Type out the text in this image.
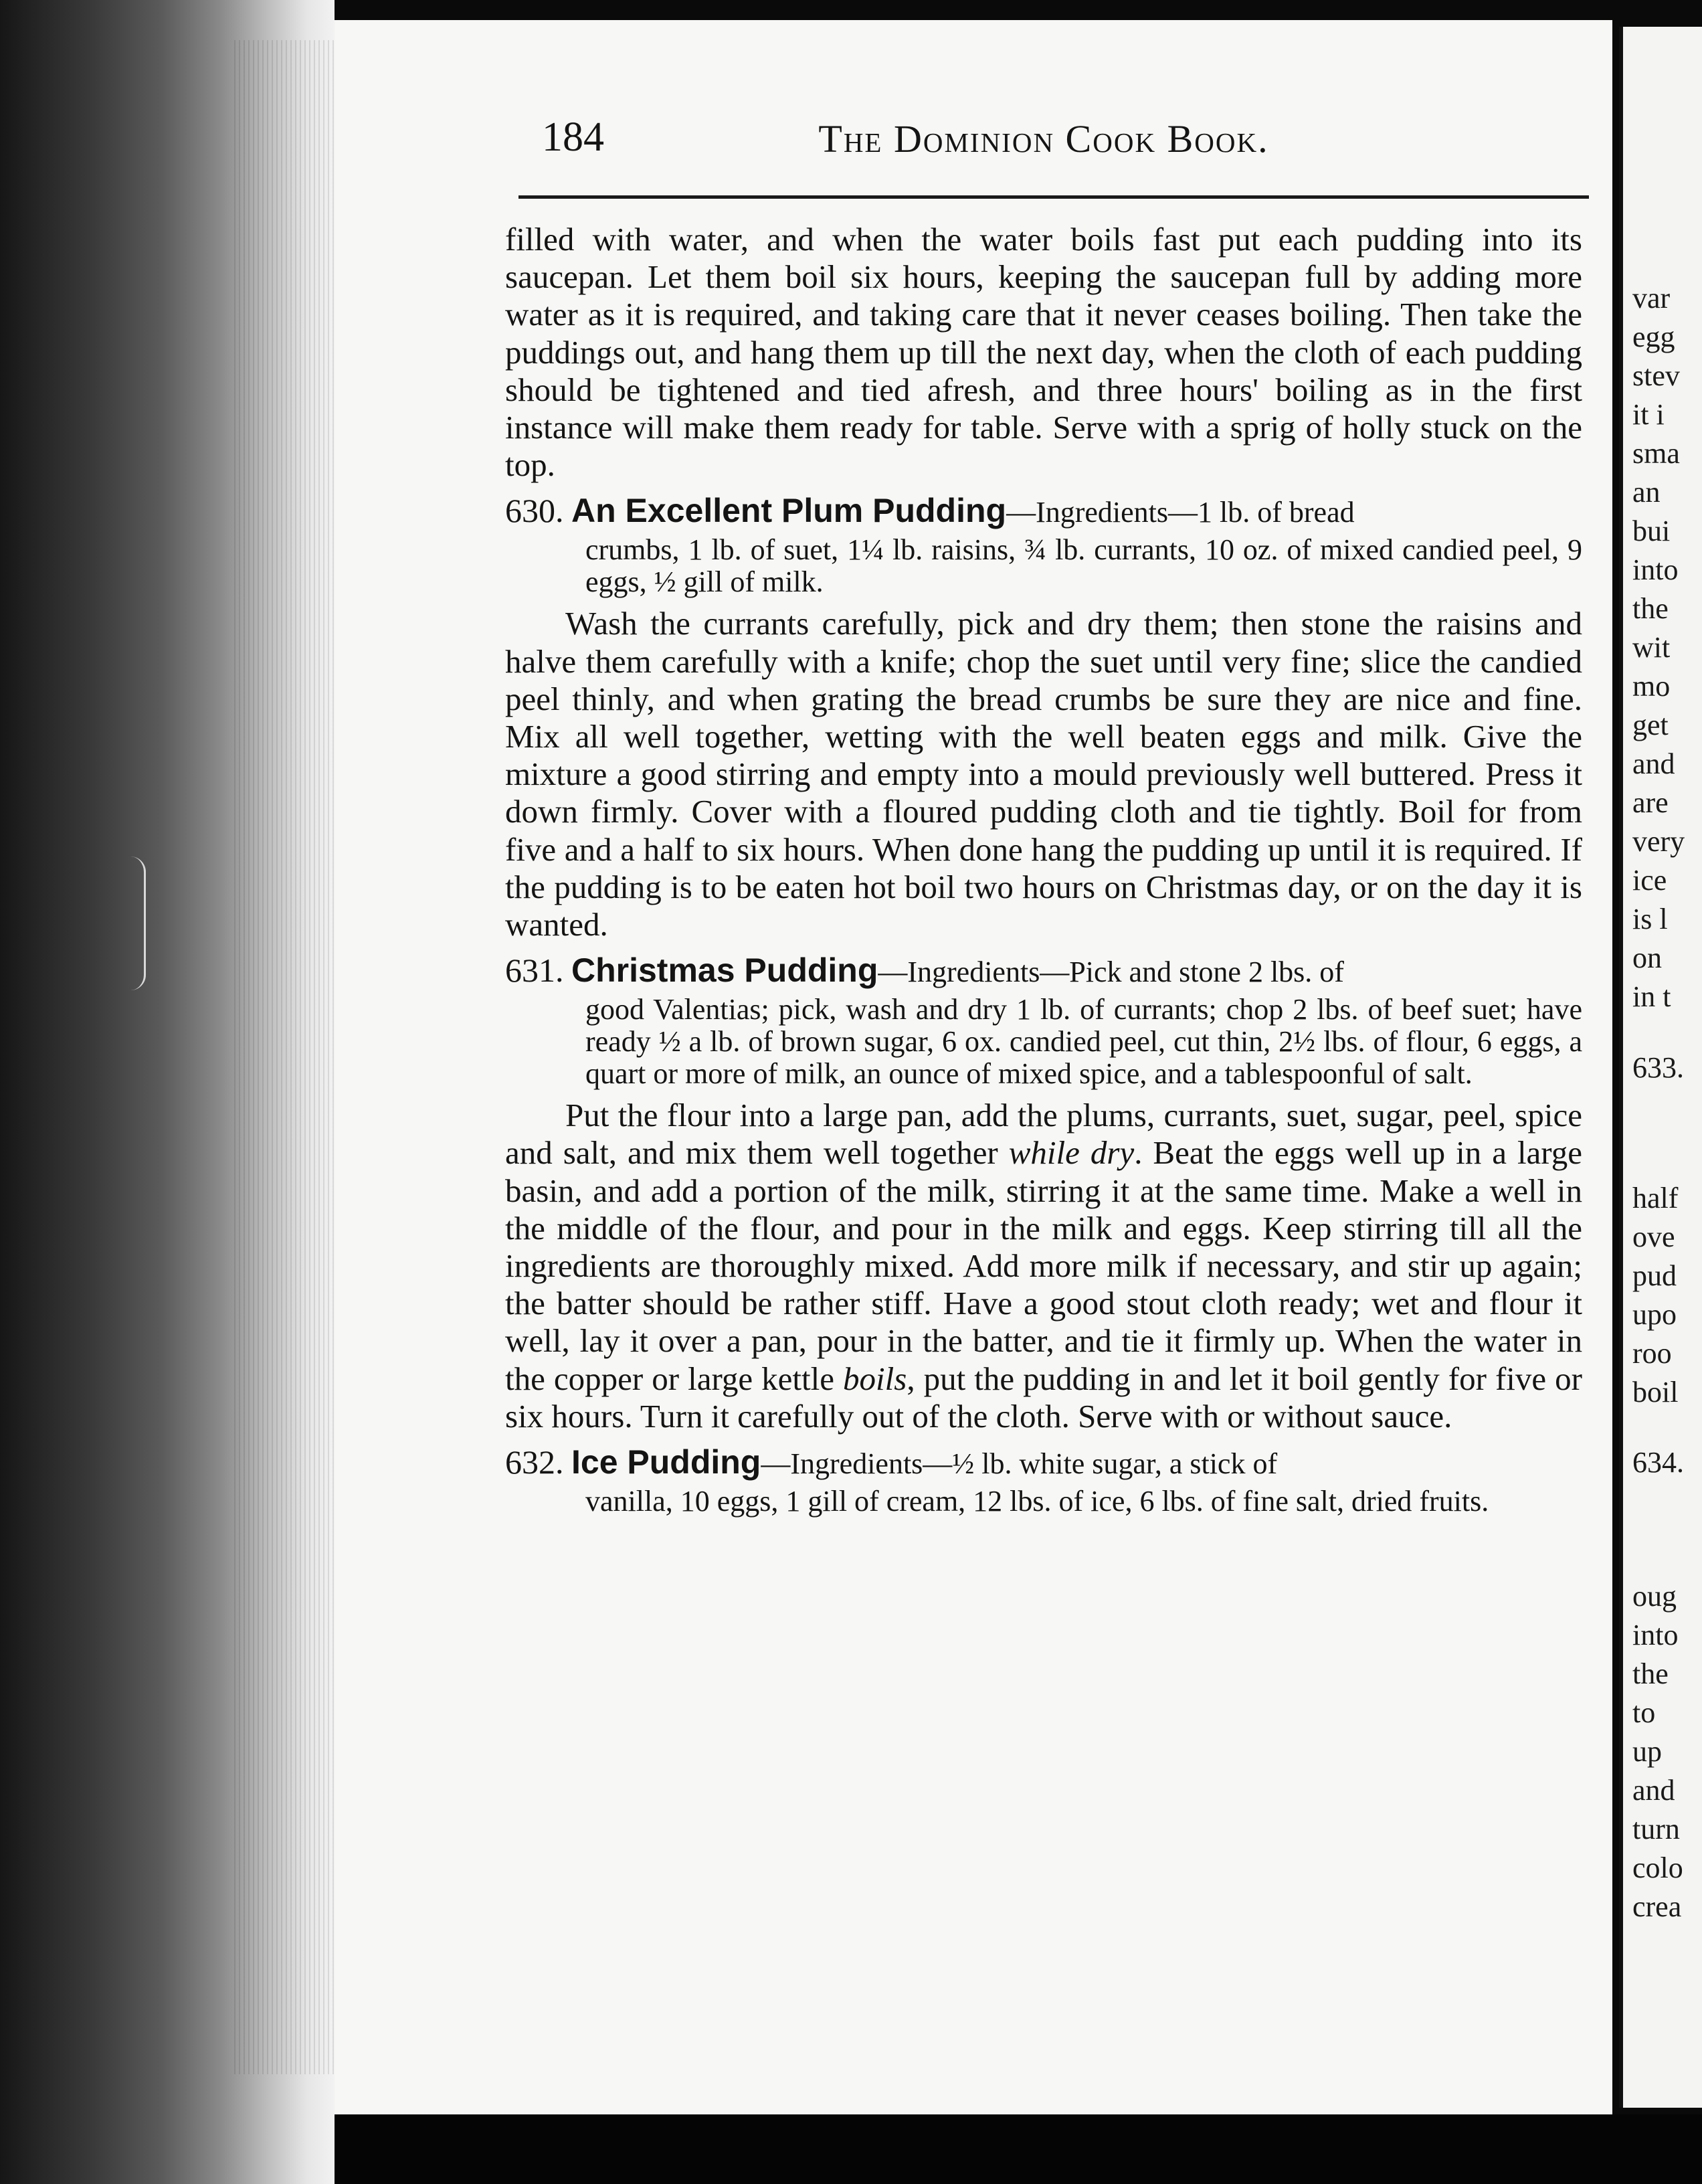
184	The Dominion Cook Book.

filled with water, and when the water boils fast put each pudding into its saucepan. Let them boil six hours, keeping the saucepan full by adding more water as it is required, and taking care that it never ceases boiling. Then take the puddings out, and hang them up till the next day, when the cloth of each pudding should be tightened and tied afresh, and three hours' boiling as in the first instance will make them ready for table. Serve with a sprig of holly stuck on the top.

630. An Excellent Plum Pudding—Ingredients—1 lb. of bread

crumbs, 1 lb. of suet, 1¼ lb. raisins, ¾ lb. currants, 10 oz. of mixed candied peel, 9 eggs, ½ gill of milk.

Wash the currants carefully, pick and dry them; then stone the raisins and halve them carefully with a knife; chop the suet until very fine; slice the candied peel thinly, and when grating the bread crumbs be sure they are nice and fine. Mix all well together, wetting with the well beaten eggs and milk. Give the mixture a good stirring and empty into a mould previously well buttered. Press it down firmly. Cover with a floured pudding cloth and tie tightly. Boil for from five and a half to six hours. When done hang the pudding up until it is required. If the pudding is to be eaten hot boil two hours on Christmas day, or on the day it is wanted.

631. Christmas Pudding—Ingredients—Pick and stone 2 lbs. of

good Valentias; pick, wash and dry 1 lb. of currants; chop 2 lbs. of beef suet; have ready ½ a lb. of brown sugar, 6 ox. candied peel, cut thin, 2½ lbs. of flour, 6 eggs, a quart or more of milk, an ounce of mixed spice, and a tablespoonful of salt.

Put the flour into a large pan, add the plums, currants, suet, sugar, peel, spice and salt, and mix them well together while dry. Beat the eggs well up in a large basin, and add a portion of the milk, stirring it at the same time. Make a well in the middle of the flour, and pour in the milk and eggs. Keep stirring till all the ingredients are thoroughly mixed. Add more milk if necessary, and stir up again; the batter should be rather stiff. Have a good stout cloth ready; wet and flour it well, lay it over a pan, pour in the batter, and tie it firmly up. When the water in the copper or large kettle boils, put the pudding in and let it boil gently for five or six hours. Turn it carefully out of the cloth. Serve with or without sauce.

632. Ice Pudding—Ingredients—½ lb. white sugar, a stick of

vanilla, 10 eggs, 1 gill of cream, 12 lbs. of ice, 6 lbs. of fine salt, dried fruits.

var
egg
stev
it i
sma
an
bui
into
the
wit
mo
get
and
are
very
ice
is l
on
in t
633.
half
ove
pud
upo
roo
boil
634.
oug
into
the
to
up
and
turn
colo
crea
